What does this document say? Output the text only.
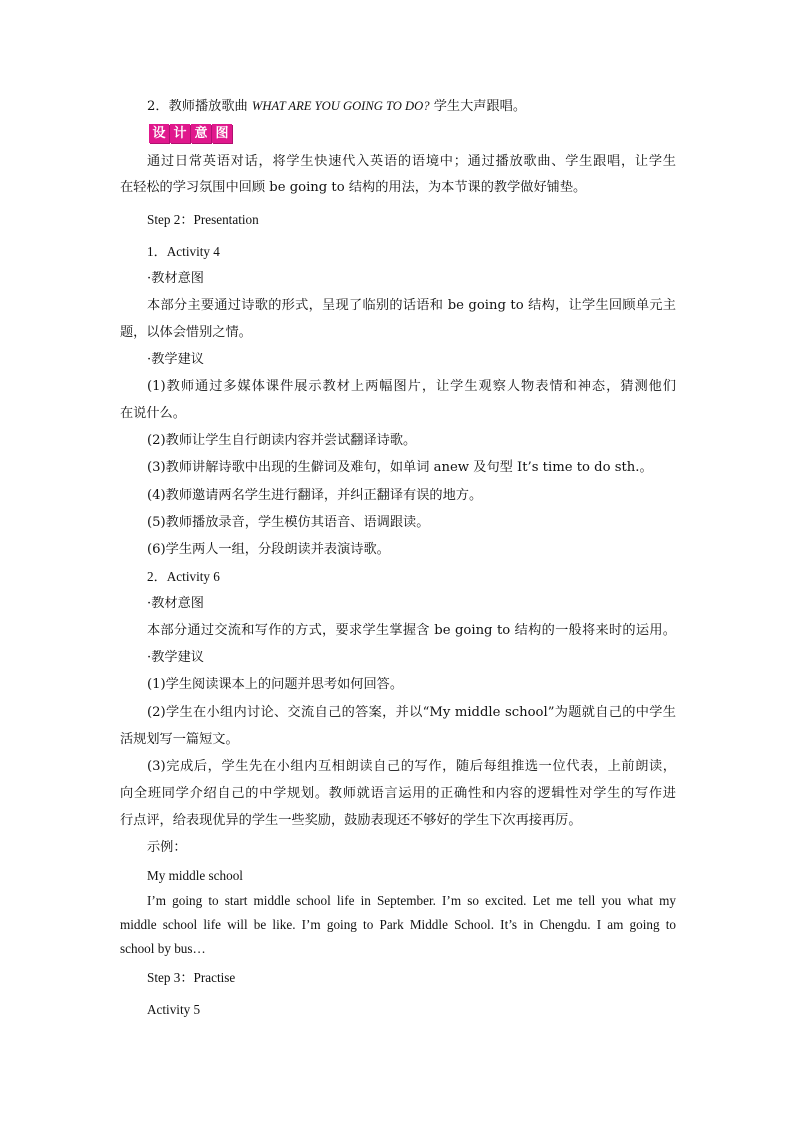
2．教师播放歌曲 WHAT ARE YOU GOING TO DO? 学生大声跟唱。
设 计 意 图
通过日常英语对话，将学生快速代入英语的语境中；通过播放歌曲、学生跟唱，让学生
在轻松的学习氛围中回顾 be going to 结构的用法，为本节课的教学做好铺垫。
Step 2：Presentation
1．Activity 4
·教材意图
本部分主要通过诗歌的形式，呈现了临别的话语和 be going to 结构，让学生回顾单元主
题，以体会惜别之情。
·教学建议
(1)教师通过多媒体课件展示教材上两幅图片，让学生观察人物表情和神态，猜测他们
在说什么。
(2)教师让学生自行朗读内容并尝试翻译诗歌。
(3)教师讲解诗歌中出现的生僻词及难句，如单词 anew 及句型 It’s time to do sth.。
(4)教师邀请两名学生进行翻译，并纠正翻译有误的地方。
(5)教师播放录音，学生模仿其语音、语调跟读。
(6)学生两人一组，分段朗读并表演诗歌。
2．Activity 6
·教材意图
本部分通过交流和写作的方式，要求学生掌握含 be going to 结构的一般将来时的运用。
·教学建议
(1)学生阅读课本上的问题并思考如何回答。
(2)学生在小组内讨论、交流自己的答案，并以“My middle school”为题就自己的中学生
活规划写一篇短文。
(3)完成后，学生先在小组内互相朗读自己的写作，随后每组推选一位代表，上前朗读，
向全班同学介绍自己的中学规划。教师就语言运用的正确性和内容的逻辑性对学生的写作进
行点评，给表现优异的学生一些奖励，鼓励表现还不够好的学生下次再接再厉。
示例：
My middle school
I’m going to start middle school life in September. I’m so excited. Let me tell you what my
middle school life will be like. I’m going to Park Middle School. It’s in Chengdu. I am going to
school by bus…
Step 3：Practise
Activity 5
